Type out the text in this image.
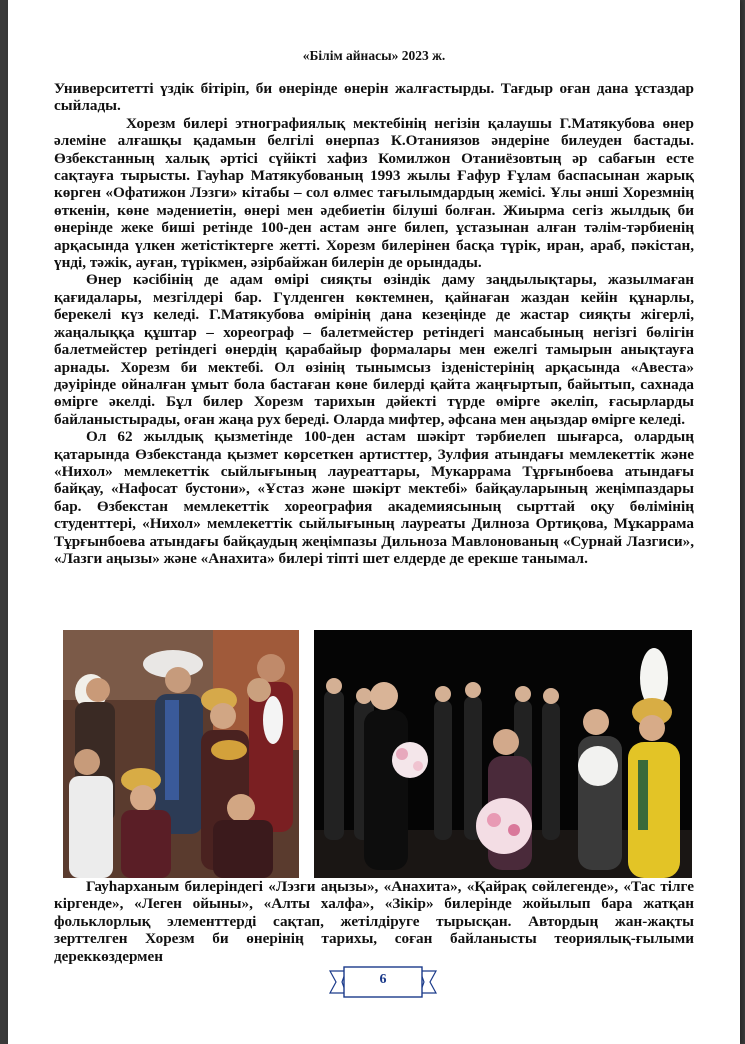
«Білім айнасы» 2023 ж.

Университетті үздік бітіріп, би өнерінде өнерін жалғастырды. Тағдыр оған дана ұстаздар сыйлады.

Хорезм билері этнографиялық мектебінің негізін қалаушы Г.Матякубова өнер әлеміне алғашқы қадамын белгілі өнерпаз К.Отаниязов әндеріне билеуден бастады. Өзбекстанның халық әртісі сүйікті хафиз Комилжон Отаниёзовтың әр сабағын есте сақтауға тырысты. Гауһар Матякубованың 1993 жылы Ғафур Ғұлам баспасынан жарық көрген «Офатижон Лэзги» кітабы – сол өлмес тағылымдардың жемісі. Ұлы әнші Хорезмнің өткенін, көне мәдениетін, өнері мен әдебиетін білуші болған. Жиырма сегіз жылдық би өнерінде жеке биші ретінде 100-ден астам әнге билеп, ұстазынан алған тәлім-тәрбиенің арқасында үлкен жетістіктерге жетті. Хорезм билерінен басқа түрік, иран, араб, пәкістан, үнді, тәжік, ауған, түрікмен, әзірбайжан билерін де орындады.

Өнер кәсібінің де адам өмірі сияқты өзіндік даму заңдылықтары, жазылмаған қағидалары, мезгілдері бар. Гүлденген көктемнен, қайнаған жаздан кейін құнарлы, берекелі күз келеді. Г.Матякубова өмірінің дана кезеңінде де жастар сияқты жігерлі, жаңалыққа құштар – хореограф – балетмейстер ретіндегі мансабының негізгі бөлігін балетмейстер ретіндегі өнердің қарабайыр формалары мен ежелгі тамырын анықтауға арнады. Хорезм би мектебі. Ол өзінің тынымсыз ізденістерінің арқасында «Авеста» дәуірінде ойналған ұмыт бола бастаған көне билерді қайта жаңғыртып, байытып, сахнада өмірге әкелді. Бұл билер Хорезм тарихын дәйекті түрде өмірге әкеліп, ғасырларды байланыстырады, оған жаңа рух береді. Оларда мифтер, әфсана мен аңыздар өмірге келеді.

Ол 62 жылдық қызметінде 100-ден астам шәкірт тәрбиелеп шығарса, олардың қатарында Өзбекстанда қызмет көрсеткен артисттер, Зулфия атындағы мемлекеттік және «Нихол» мемлекеттік сыйлығының лауреаттары, Мукаррама Тұрғынбоева атындағы байқау, «Нафосат бустони», «Ұстаз және шәкірт мектебі» байқауларының жеңімпаздары бар. Өзбекстан мемлекеттік хореография академиясының сырттай оқу бөлімінің студенттері, «Нихол» мемлекеттік сыйлығының лауреаты Дилноза Ортиқова, Мұкаррама Тұрғынбоева атындағы байқаудың жеңімпазы Дильноза Мавлонованың «Сурнай Лазгиси», «Лазги аңызы» және «Анахита» билері тіпті шет елдерде де ерекше танымал.

Гауһарханым билеріндегі «Лэзги аңызы», «Анахита», «Қайрақ сөйлегенде», «Тас тілге кіргенде», «Леген ойыны», «Алты халфа», «Зікір» билерінде жойылып бара жатқан фольклорлық элементтерді сақтап, жетілдіруге тырысқан. Автордың жан-жақты зерттелген Хорезм би өнерінің тарихы, соған байланысты теориялық-ғылыми дереккөздермен

6
